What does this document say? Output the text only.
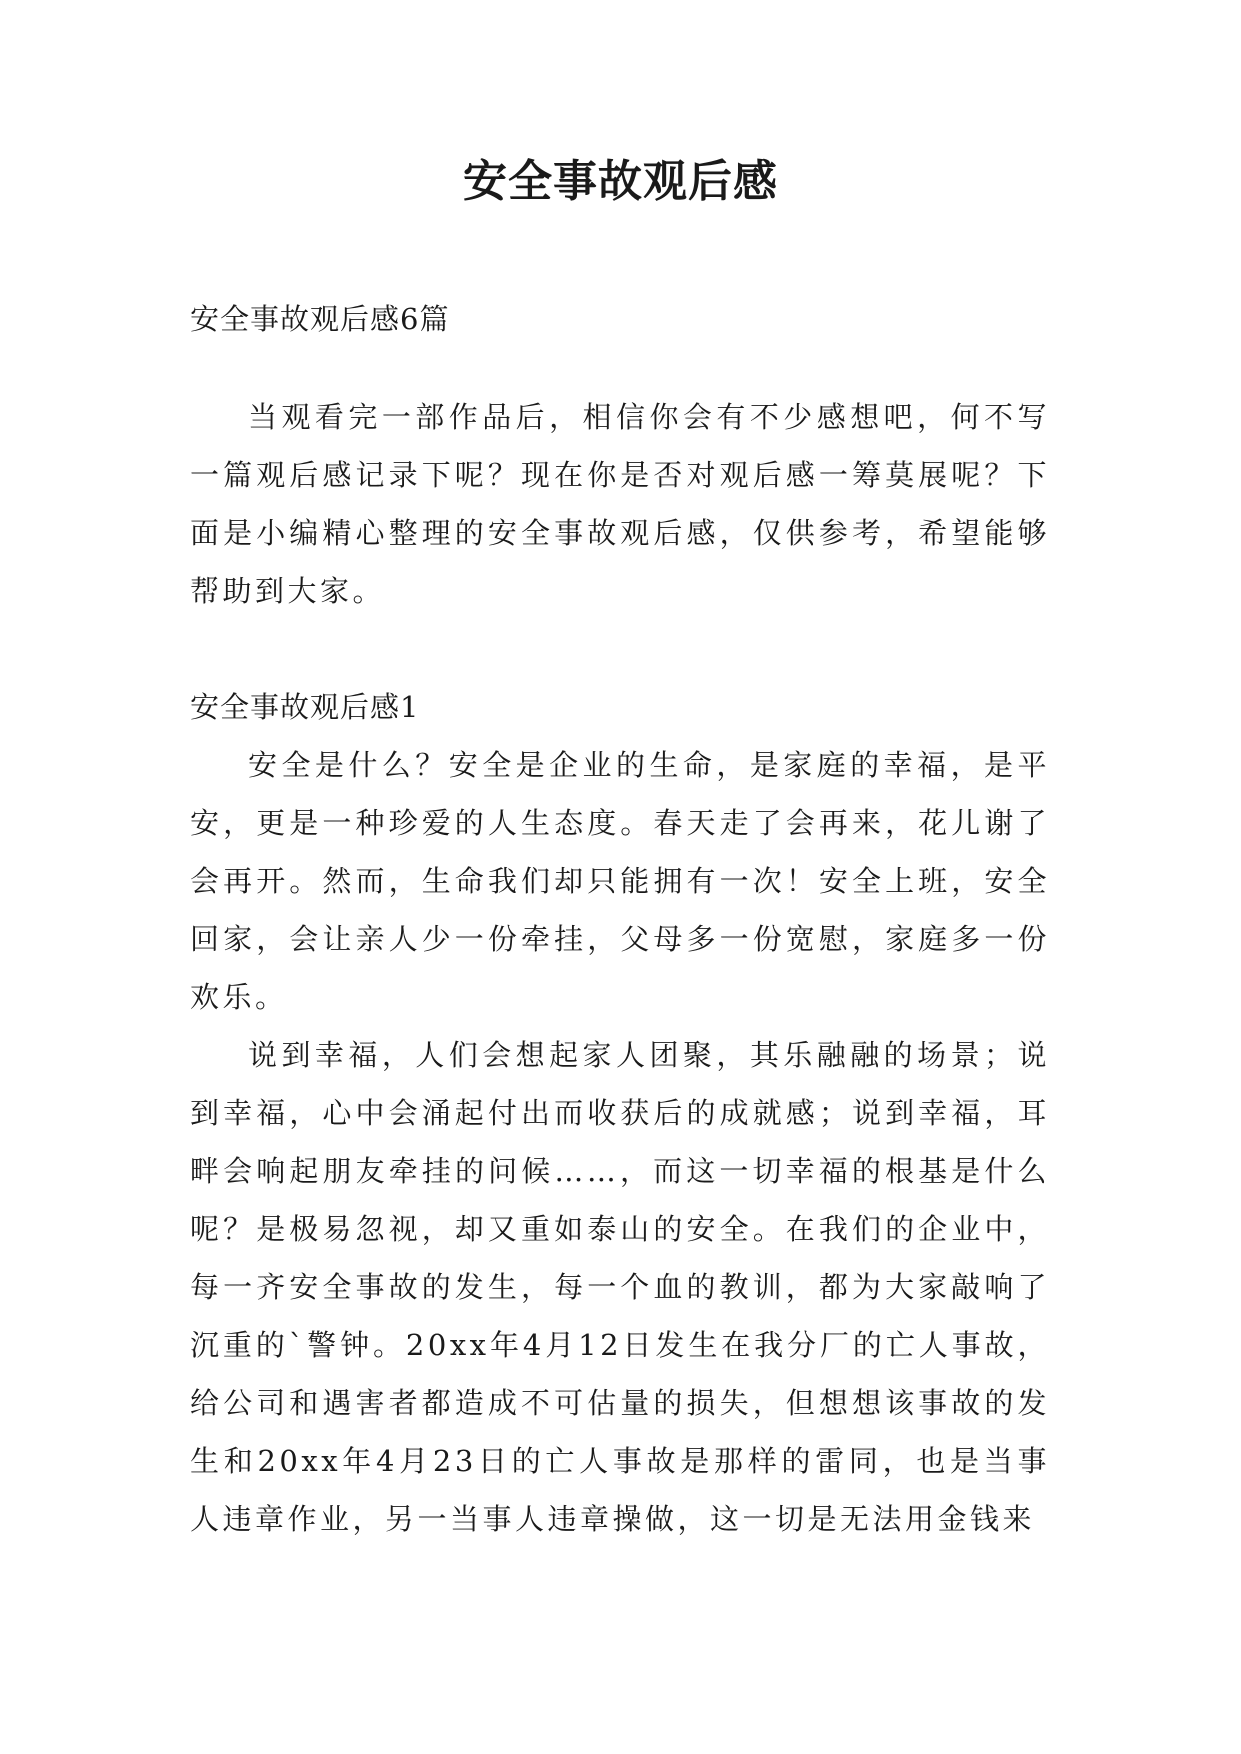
安全事故观后感

安全事故观后感6篇

当观看完一部作品后，相信你会有不少感想吧，何不写一篇观后感记录下呢？现在你是否对观后感一筹莫展呢？下面是小编精心整理的安全事故观后感，仅供参考，希望能够帮助到大家。

安全事故观后感1

安全是什么？安全是企业的生命，是家庭的幸福，是平安，更是一种珍爱的人生态度。春天走了会再来，花儿谢了会再开。然而，生命我们却只能拥有一次！安全上班，安全回家，会让亲人少一份牵挂，父母多一份宽慰，家庭多一份欢乐。

说到幸福，人们会想起家人团聚，其乐融融的场景；说到幸福，心中会涌起付出而收获后的成就感；说到幸福，耳畔会响起朋友牵挂的问候……，而这一切幸福的根基是什么呢？是极易忽视，却又重如泰山的安全。在我们的企业中，每一齐安全事故的发生，每一个血的教训，都为大家敲响了沉重的`警钟。20xx年4月12日发生在我分厂的亡人事故，给公司和遇害者都造成不可估量的损失，但想想该事故的发生和20xx年4月23日的亡人事故是那样的雷同，也是当事人违章作业，另一当事人违章操做，这一切是无法用金钱来
